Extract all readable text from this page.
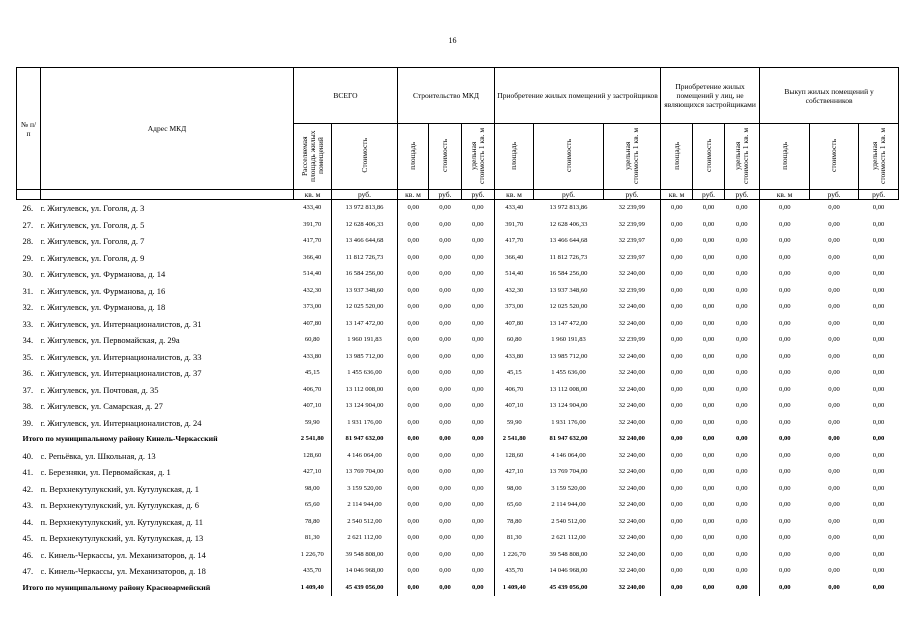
16
№ п/п	Адрес МКД	ВСЕГО		Строительство МКД			Приобретение жилых помещений у застройщиков			Приобретение жилых помещений у лиц, не являющихся застройщиками			Выкуп жилых помещений у собственников		
		Расселяемая площадь жилых помещений	Стоимость	площадь	стоимость	удельная стоимость 1 кв. м	площадь	стоимость	удельная стоимость 1 кв. м	площадь	стоимость	удельная стоимость 1 кв. м	площадь	стоимость	удельная стоимость 1 кв. м
		кв. м	руб.	кв. м	руб.	руб.	кв. м	руб.	руб.	кв. м	руб.	руб.	кв. м	руб.	руб.
26.	г. Жигулевск, ул. Гоголя, д. 3	433,40	13 972 813,86	0,00	0,00	0,00	433,40	13 972 813,86	32 239,99	0,00	0,00	0,00	0,00	0,00	0,00
27.	г. Жигулевск, ул. Гоголя, д. 5	391,70	12 628 406,33	0,00	0,00	0,00	391,70	12 628 406,33	32 239,99	0,00	0,00	0,00	0,00	0,00	0,00
28.	г. Жигулевск, ул. Гоголя, д. 7	417,70	13 466 644,68	0,00	0,00	0,00	417,70	13 466 644,68	32 239,97	0,00	0,00	0,00	0,00	0,00	0,00
29.	г. Жигулевск, ул. Гоголя, д. 9	366,40	11 812 726,73	0,00	0,00	0,00	366,40	11 812 726,73	32 239,97	0,00	0,00	0,00	0,00	0,00	0,00
30.	г. Жигулевск, ул. Фурманова, д. 14	514,40	16 584 256,00	0,00	0,00	0,00	514,40	16 584 256,00	32 240,00	0,00	0,00	0,00	0,00	0,00	0,00
31.	г. Жигулевск, ул. Фурманова, д. 16	432,30	13 937 348,60	0,00	0,00	0,00	432,30	13 937 348,60	32 239,99	0,00	0,00	0,00	0,00	0,00	0,00
32.	г. Жигулевск, ул. Фурманова, д. 18	373,00	12 025 520,00	0,00	0,00	0,00	373,00	12 025 520,00	32 240,00	0,00	0,00	0,00	0,00	0,00	0,00
33.	г. Жигулевск, ул. Интернационалистов, д. 31	407,80	13 147 472,00	0,00	0,00	0,00	407,80	13 147 472,00	32 240,00	0,00	0,00	0,00	0,00	0,00	0,00
34.	г. Жигулевск, ул. Первомайская, д. 29а	60,80	1 960 191,83	0,00	0,00	0,00	60,80	1 960 191,83	32 239,99	0,00	0,00	0,00	0,00	0,00	0,00
35.	г. Жигулевск, ул. Интернационалистов, д. 33	433,80	13 985 712,00	0,00	0,00	0,00	433,80	13 985 712,00	32 240,00	0,00	0,00	0,00	0,00	0,00	0,00
36.	г. Жигулевск, ул. Интернационалистов, д. 37	45,15	1 455 636,00	0,00	0,00	0,00	45,15	1 455 636,00	32 240,00	0,00	0,00	0,00	0,00	0,00	0,00
37.	г. Жигулевск, ул. Почтовая, д. 35	406,70	13 112 008,00	0,00	0,00	0,00	406,70	13 112 008,00	32 240,00	0,00	0,00	0,00	0,00	0,00	0,00
38.	г. Жигулевск, ул. Самарская, д. 27	407,10	13 124 904,00	0,00	0,00	0,00	407,10	13 124 904,00	32 240,00	0,00	0,00	0,00	0,00	0,00	0,00
39.	г. Жигулевск, ул. Интернационалистов, д. 24	59,90	1 931 176,00	0,00	0,00	0,00	59,90	1 931 176,00	32 240,00	0,00	0,00	0,00	0,00	0,00	0,00
Итого по муниципальному району Кинель-Черкасский		2 541,80	81 947 632,00	0,00	0,00	0,00	2 541,80	81 947 632,00	32 240,00	0,00	0,00	0,00	0,00	0,00	0,00
40.	с. Репьёвка, ул. Школьная, д. 13	128,60	4 146 064,00	0,00	0,00	0,00	128,60	4 146 064,00	32 240,00	0,00	0,00	0,00	0,00	0,00	0,00
41.	с. Березняки, ул. Первомайская, д. 1	427,10	13 769 704,00	0,00	0,00	0,00	427,10	13 769 704,00	32 240,00	0,00	0,00	0,00	0,00	0,00	0,00
42.	п. Верхнекутулукский, ул. Кутулукская, д. 1	98,00	3 159 520,00	0,00	0,00	0,00	98,00	3 159 520,00	32 240,00	0,00	0,00	0,00	0,00	0,00	0,00
43.	п. Верхнекутулукский, ул. Кутулукская, д. 6	65,60	2 114 944,00	0,00	0,00	0,00	65,60	2 114 944,00	32 240,00	0,00	0,00	0,00	0,00	0,00	0,00
44.	п. Верхнекутулукский, ул. Кутулукская, д. 11	78,80	2 540 512,00	0,00	0,00	0,00	78,80	2 540 512,00	32 240,00	0,00	0,00	0,00	0,00	0,00	0,00
45.	п. Верхнекутулукский, ул. Кутулукская, д. 13	81,30	2 621 112,00	0,00	0,00	0,00	81,30	2 621 112,00	32 240,00	0,00	0,00	0,00	0,00	0,00	0,00
46.	с. Кинель-Черкассы, ул. Механизаторов, д. 14	1 226,70	39 548 808,00	0,00	0,00	0,00	1 226,70	39 548 808,00	32 240,00	0,00	0,00	0,00	0,00	0,00	0,00
47.	с. Кинель-Черкассы, ул. Механизаторов, д. 18	435,70	14 046 968,00	0,00	0,00	0,00	435,70	14 046 968,00	32 240,00	0,00	0,00	0,00	0,00	0,00	0,00
Итого по муниципальному району Красноармейский		1 409,40	45 439 056,00	0,00	0,00	0,00	1 409,40	45 439 056,00	32 240,00	0,00	0,00	0,00	0,00	0,00	0,00
